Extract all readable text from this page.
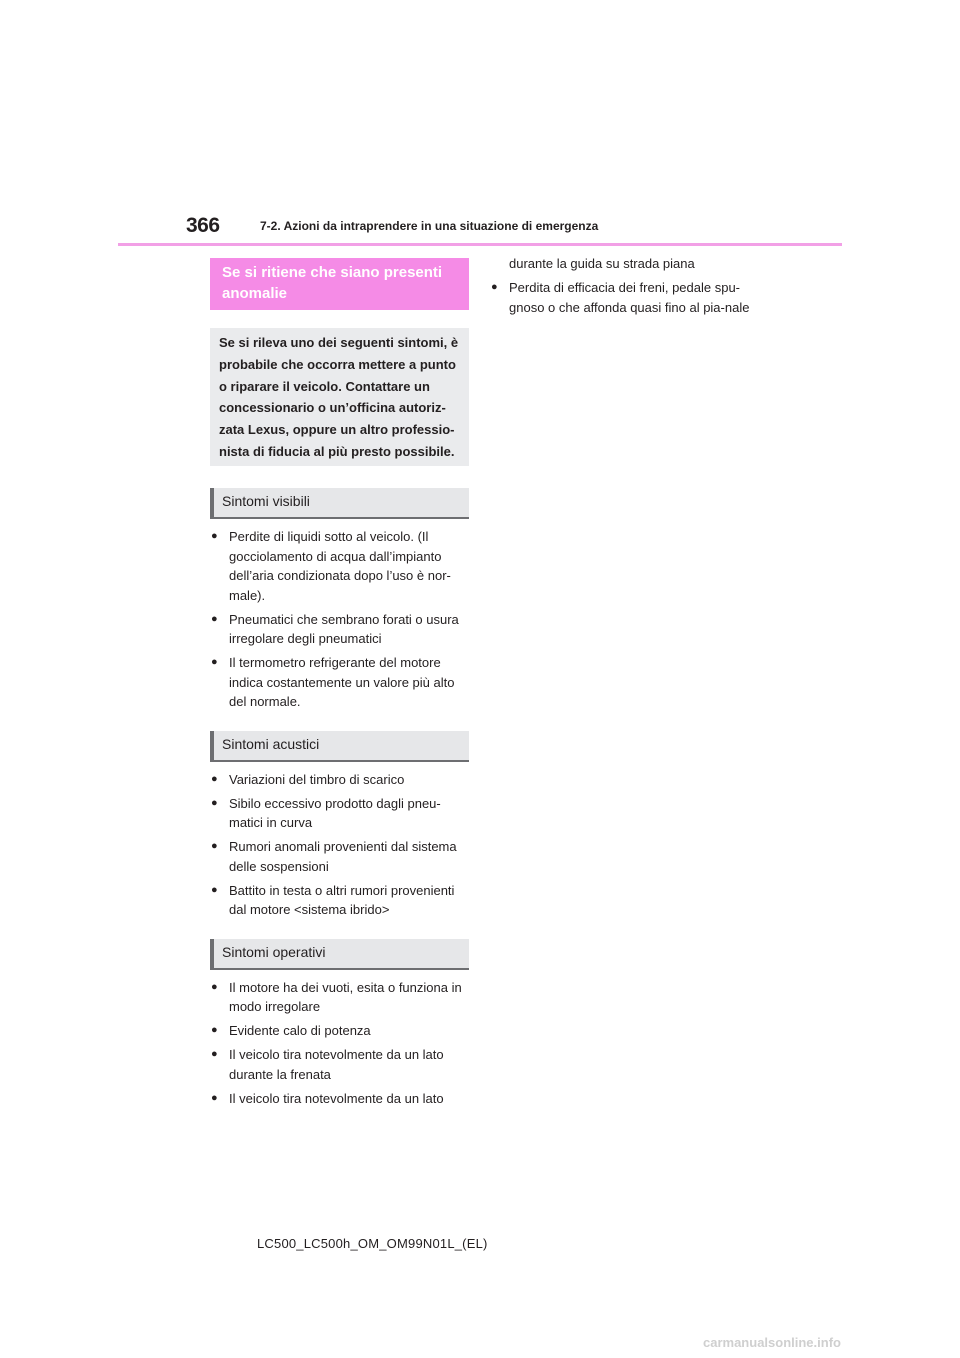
366	7-2. Azioni da intraprendere in una situazione di emergenza
Se si ritiene che siano presenti anomalie
Se si rileva uno dei seguenti sintomi, è probabile che occorra mettere a punto o riparare il veicolo. Contattare un concessionario o un’officina autoriz-zata Lexus, oppure un altro professio-nista di fiducia al più presto possibile.
Sintomi visibili
● Perdite di liquidi sotto al veicolo. (Il gocciolamento di acqua dall’impianto dell’aria condizionata dopo l’uso è nor-male).
● Pneumatici che sembrano forati o usura irregolare degli pneumatici
● Il termometro refrigerante del motore indica costantemente un valore più alto del normale.
Sintomi acustici
● Variazioni del timbro di scarico
● Sibilo eccessivo prodotto dagli pneu-matici in curva
● Rumori anomali provenienti dal sistema delle sospensioni
● Battito in testa o altri rumori provenienti dal motore <sistema ibrido>
Sintomi operativi
● Il motore ha dei vuoti, esita o funziona in modo irregolare
● Evidente calo di potenza
● Il veicolo tira notevolmente da un lato durante la frenata
● Il veicolo tira notevolmente da un lato
durante la guida su strada piana
● Perdita di efficacia dei freni, pedale spu-gnoso o che affonda quasi fino al pia-nale
LC500_LC500h_OM_OM99N01L_(EL)
carmanualsonline.info
